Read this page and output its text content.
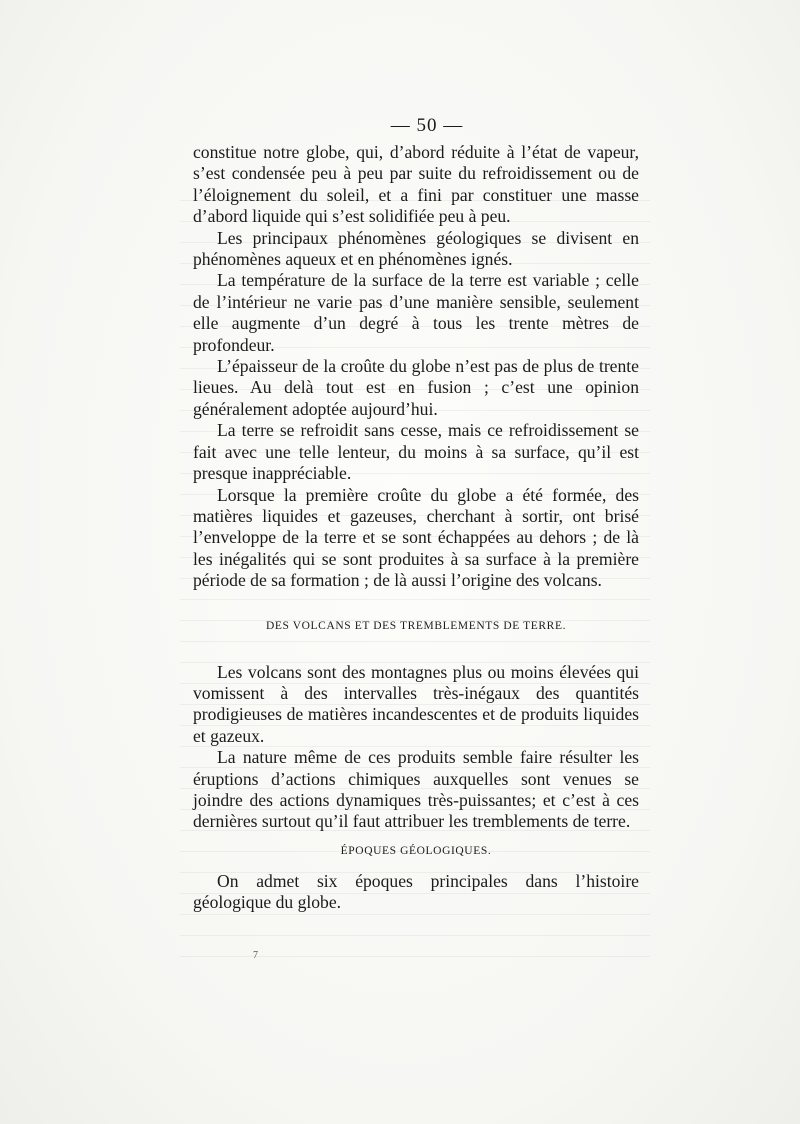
— 50 —

constitue notre globe, qui, d’abord réduite à l’état de vapeur, s’est condensée peu à peu par suite du refroidissement ou de l’éloignement du soleil, et a fini par constituer une masse d’abord liquide qui s’est solidifiée peu à peu.

Les principaux phénomènes géologiques se divisent en phénomènes aqueux et en phénomènes ignés.

La température de la surface de la terre est variable ; celle de l’intérieur ne varie pas d’une manière sensible, seulement elle augmente d’un degré à tous les trente mètres de profondeur.

L’épaisseur de la croûte du globe n’est pas de plus de trente lieues. Au delà tout est en fusion ; c’est une opinion généralement adoptée aujourd’hui.

La terre se refroidit sans cesse, mais ce refroidissement se fait avec une telle lenteur, du moins à sa surface, qu’il est presque inappréciable.

Lorsque la première croûte du globe a été formée, des matières liquides et gazeuses, cherchant à sortir, ont brisé l’enveloppe de la terre et se sont échappées au dehors ; de là les inégalités qui se sont produites à sa surface à la première période de sa formation ; de là aussi l’origine des volcans.

DES VOLCANS ET DES TREMBLEMENTS DE TERRE.

Les volcans sont des montagnes plus ou moins élevées qui vomissent à des intervalles très-inégaux des quantités prodigieuses de matières incandescentes et de produits liquides et gazeux.

La nature même de ces produits semble faire résulter les éruptions d’actions chimiques auxquelles sont venues se joindre des actions dynamiques très-puissantes; et c’est à ces dernières surtout qu’il faut attribuer les tremblements de terre.

ÉPOQUES GÉOLOGIQUES.

On admet six époques principales dans l’histoire géologique du globe.

7
